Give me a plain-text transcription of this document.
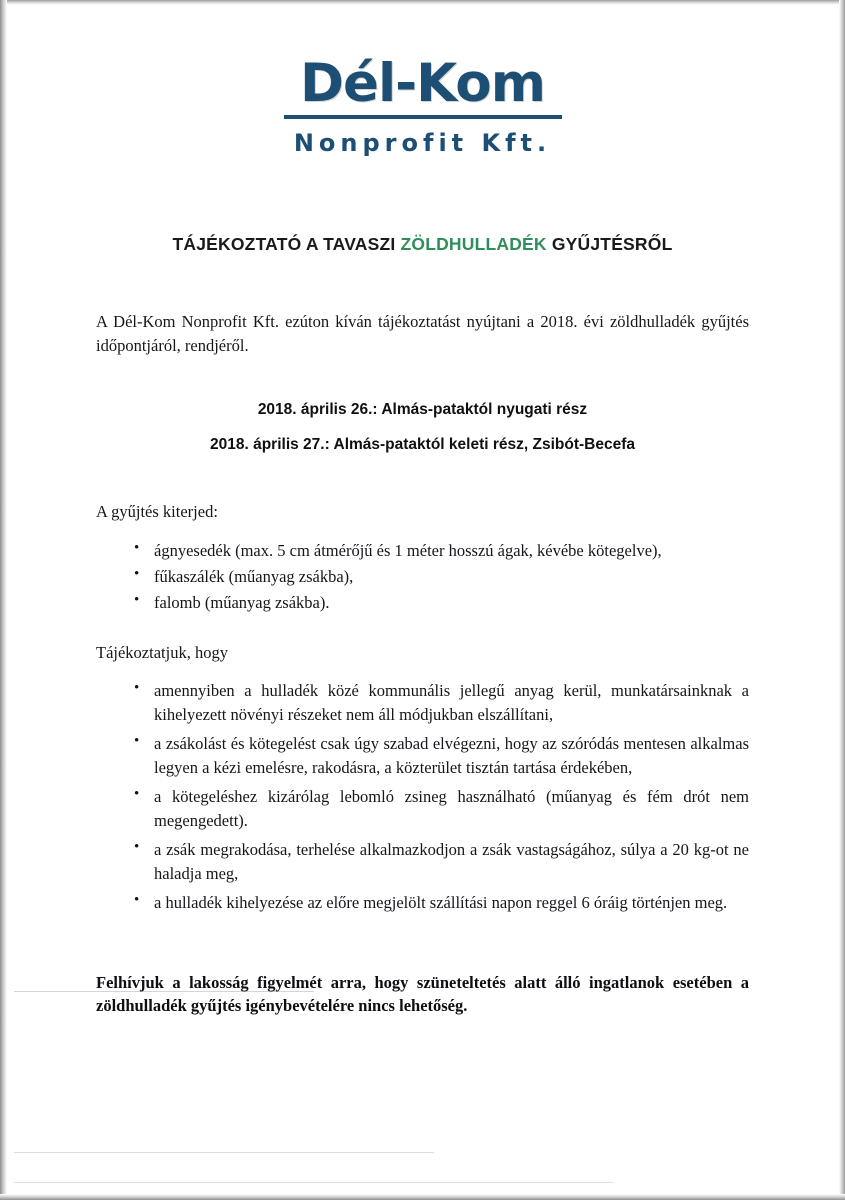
Dél-Kom
Nonprofit Kft.
TÁJÉKOZTATÓ A TAVASZI ZÖLDHULLADÉK GYŰJTÉSRŐL

A Dél-Kom Nonprofit Kft. ezúton kíván tájékoztatást nyújtani a 2018. évi zöldhulladék gyűjtés időpontjáról, rendjéről.

2018. április 26.: Almás-pataktól nyugati rész
2018. április 27.: Almás-pataktól keleti rész, Zsibót-Becefa

A gyűjtés kiterjed:

• ágnyesedék (max. 5 cm átmérőjű és 1 méter hosszú ágak, kévébe kötegelve),
• fűkaszálék (műanyag zsákba),
• falomb (műanyag zsákba).

Tájékoztatjuk, hogy

• amennyiben a hulladék közé kommunális jellegű anyag kerül, munkatársainknak a kihelyezett növényi részeket nem áll módjukban elszállítani,
• a zsákolást és kötegelést csak úgy szabad elvégezni, hogy az szóródás mentesen alkalmas legyen a kézi emelésre, rakodásra, a közterület tisztán tartása érdekében,
• a kötegeléshez kizárólag lebomló zsineg használható (műanyag és fém drót nem megengedett).
• a zsák megrakodása, terhelése alkalmazkodjon a zsák vastagságához, súlya a 20 kg-ot ne haladja meg,
• a hulladék kihelyezése az előre megjelölt szállítási napon reggel 6 óráig történjen meg.

Felhívjuk a lakosság figyelmét arra, hogy szüneteltetés alatt álló ingatlanok esetében a zöldhulladék gyűjtés igénybevételére nincs lehetőség.
